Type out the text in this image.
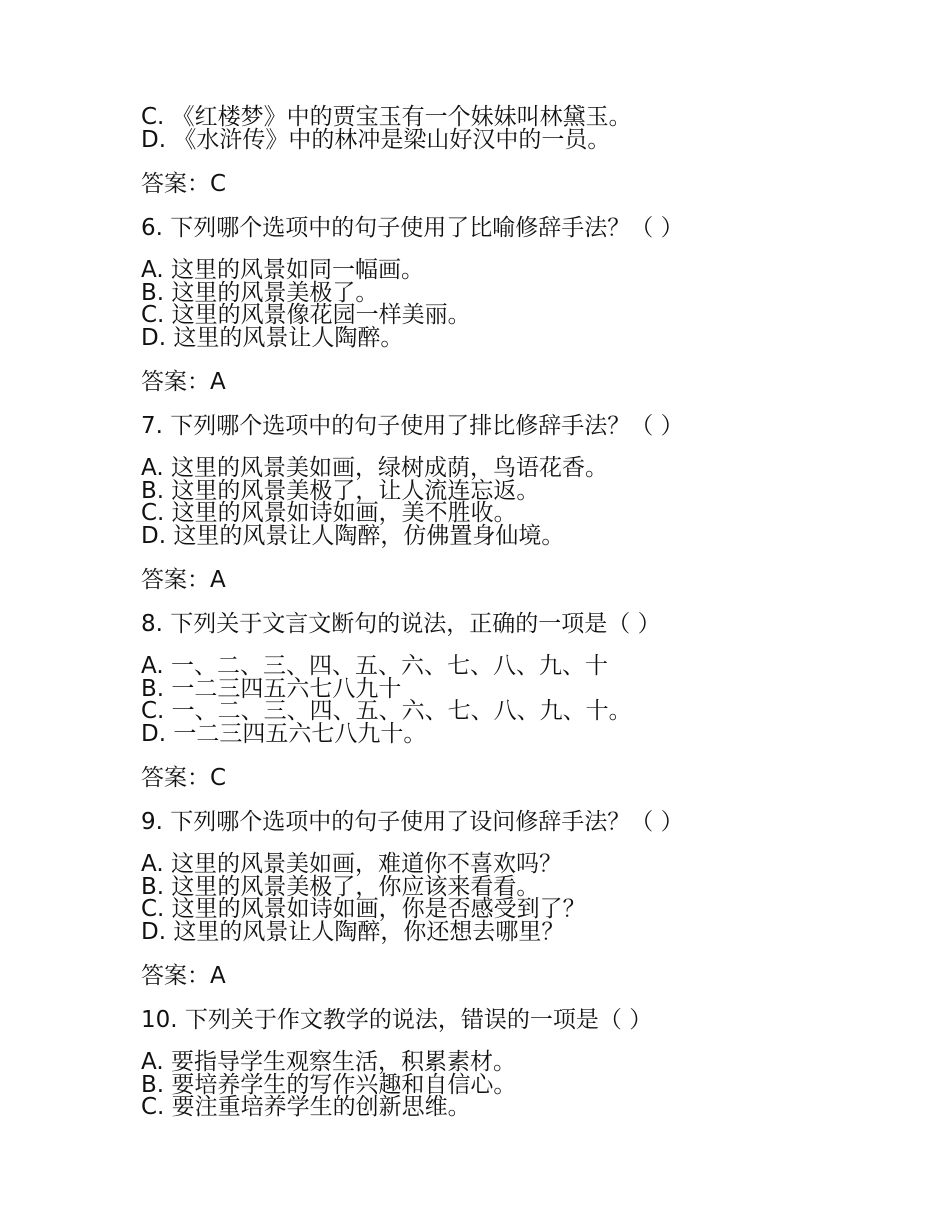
C. 《红楼梦》中的贾宝玉有一个妹妹叫林黛玉。
D. 《水浒传》中的林冲是梁山好汉中的一员。
答案：C
6. 下列哪个选项中的句子使用了比喻修辞手法？（ ）
A. 这里的风景如同一幅画。
B. 这里的风景美极了。
C. 这里的风景像花园一样美丽。
D. 这里的风景让人陶醉。
答案：A
7. 下列哪个选项中的句子使用了排比修辞手法？（ ）
A. 这里的风景美如画，绿树成荫，鸟语花香。
B. 这里的风景美极了，让人流连忘返。
C. 这里的风景如诗如画，美不胜收。
D. 这里的风景让人陶醉，仿佛置身仙境。
答案：A
8. 下列关于文言文断句的说法，正确的一项是（ ）
A. 一、二、三、四、五、六、七、八、九、十
B. 一二三四五六七八九十
C. 一、二、三、四、五、六、七、八、九、十。
D. 一二三四五六七八九十。
答案：C
9. 下列哪个选项中的句子使用了设问修辞手法？（ ）
A. 这里的风景美如画，难道你不喜欢吗？
B. 这里的风景美极了，你应该来看看。
C. 这里的风景如诗如画，你是否感受到了？
D. 这里的风景让人陶醉，你还想去哪里？
答案：A
10. 下列关于作文教学的说法，错误的一项是（ ）
A. 要指导学生观察生活，积累素材。
B. 要培养学生的写作兴趣和自信心。
C. 要注重培养学生的创新思维。
